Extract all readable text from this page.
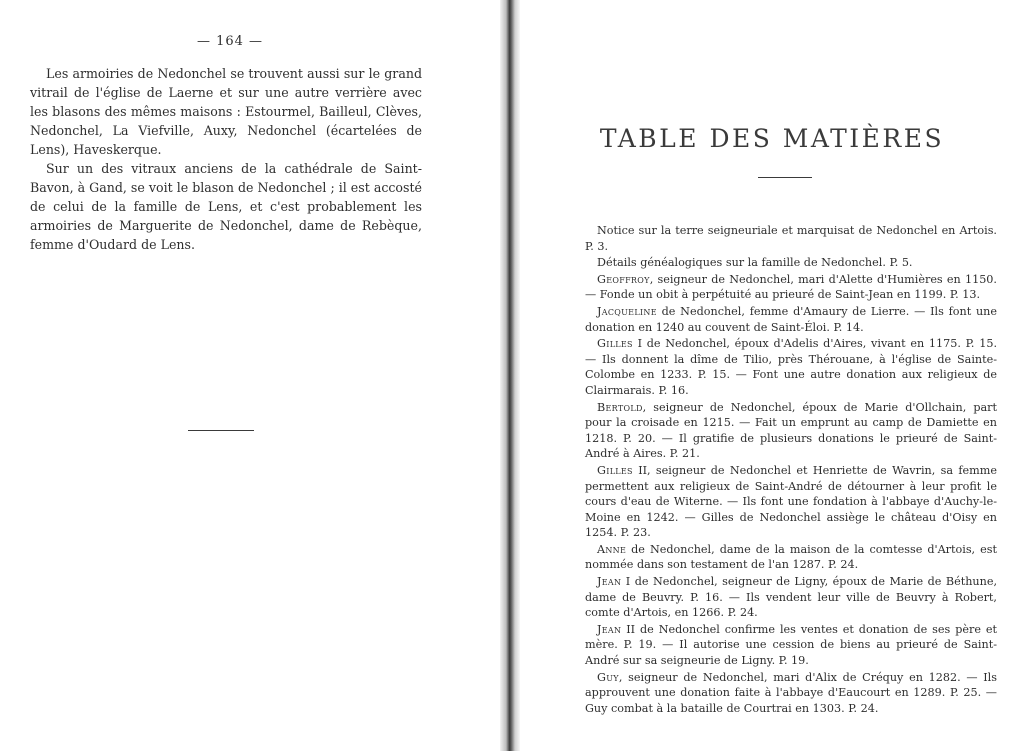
— 164 —

Les armoiries de Nedonchel se trouvent aussi sur le grand vitrail de l'église de Laerne et sur une autre verrière avec les blasons des mêmes maisons : Estourmel, Bailleul, Clèves, Nedonchel, La Viefville, Auxy, Nedonchel (écartelées de Lens), Haveskerque.

Sur un des vitraux anciens de la cathédrale de Saint-Bavon, à Gand, se voit le blason de Nedonchel ; il est accosté de celui de la famille de Lens, et c'est probablement les armoiries de Marguerite de Nedonchel, dame de Rebèque, femme d'Oudard de Lens.

TABLE DES MATIÈRES

Notice sur la terre seigneuriale et marquisat de Nedonchel en Artois. P. 3.

Détails généalogiques sur la famille de Nedonchel. P. 5.

Geoffroy, seigneur de Nedonchel, mari d'Alette d'Humières en 1150. — Fonde un obit à perpétuité au prieuré de Saint-Jean en 1199. P. 13.

Jacqueline de Nedonchel, femme d'Amaury de Lierre. — Ils font une donation en 1240 au couvent de Saint-Éloi. P. 14.

Gilles I de Nedonchel, époux d'Adelis d'Aires, vivant en 1175. P. 15. — Ils donnent la dîme de Tilio, près Thérouane, à l'église de Sainte-Colombe en 1233. P. 15. — Font une autre donation aux religieux de Clairmarais. P. 16.

Bertold, seigneur de Nedonchel, époux de Marie d'Ollchain, part pour la croisade en 1215. — Fait un emprunt au camp de Damiette en 1218. P. 20. — Il gratifie de plusieurs donations le prieuré de Saint-André à Aires. P. 21.

Gilles II, seigneur de Nedonchel et Henriette de Wavrin, sa femme permettent aux religieux de Saint-André de détourner à leur profit le cours d'eau de Witerne. — Ils font une fondation à l'abbaye d'Auchy-le-Moine en 1242. — Gilles de Nedonchel assiège le château d'Oisy en 1254. P. 23.

Anne de Nedonchel, dame de la maison de la comtesse d'Artois, est nommée dans son testament de l'an 1287. P. 24.

Jean I de Nedonchel, seigneur de Ligny, époux de Marie de Béthune, dame de Beuvry. P. 16. — Ils vendent leur ville de Beuvry à Robert, comte d'Artois, en 1266. P. 24.

Jean II de Nedonchel confirme les ventes et donation de ses père et mère. P. 19. — Il autorise une cession de biens au prieuré de Saint-André sur sa seigneurie de Ligny. P. 19.

Guy, seigneur de Nedonchel, mari d'Alix de Créquy en 1282. — Ils approuvent une donation faite à l'abbaye d'Eaucourt en 1289. P. 25. — Guy combat à la bataille de Courtrai en 1303. P. 24.
